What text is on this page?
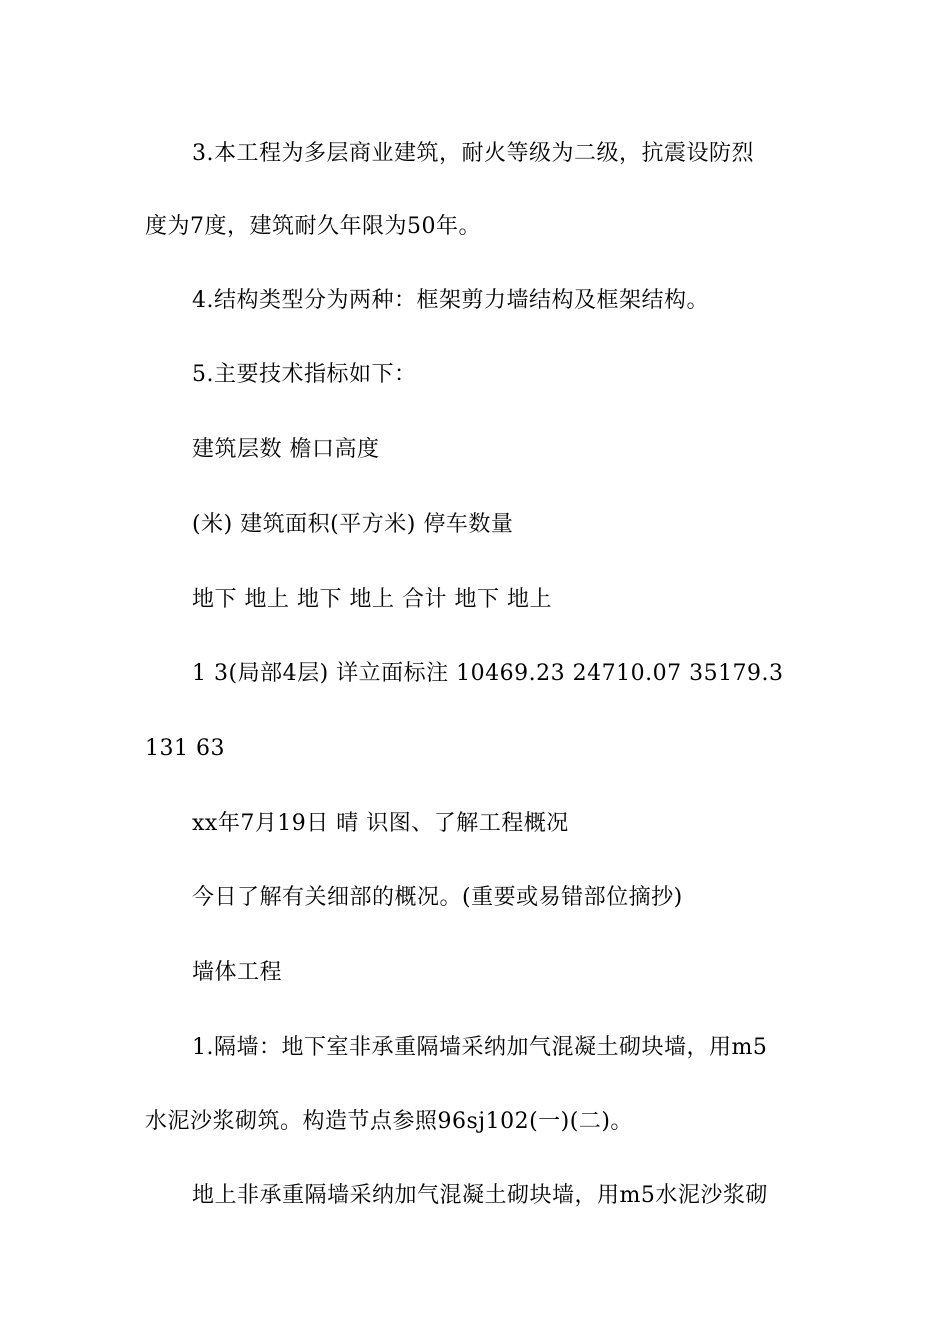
3.本工程为多层商业建筑，耐火等级为二级，抗震设防烈
度为7度，建筑耐久年限为50年。
4.结构类型分为两种：框架剪力墙结构及框架结构。
5.主要技术指标如下：
建筑层数 檐口高度
(米) 建筑面积(平方米) 停车数量
地下 地上 地下 地上 合计 地下 地上
1 3(局部4层) 详立面标注 10469.23 24710.07 35179.3
131 63
xx年7月19日 晴 识图、了解工程概况
今日了解有关细部的概况。(重要或易错部位摘抄)
墙体工程
1.隔墙：地下室非承重隔墙采纳加气混凝土砌块墙，用m5
水泥沙浆砌筑。构造节点参照96sj102(一)(二)。
地上非承重隔墙采纳加气混凝土砌块墙，用m5水泥沙浆砌
